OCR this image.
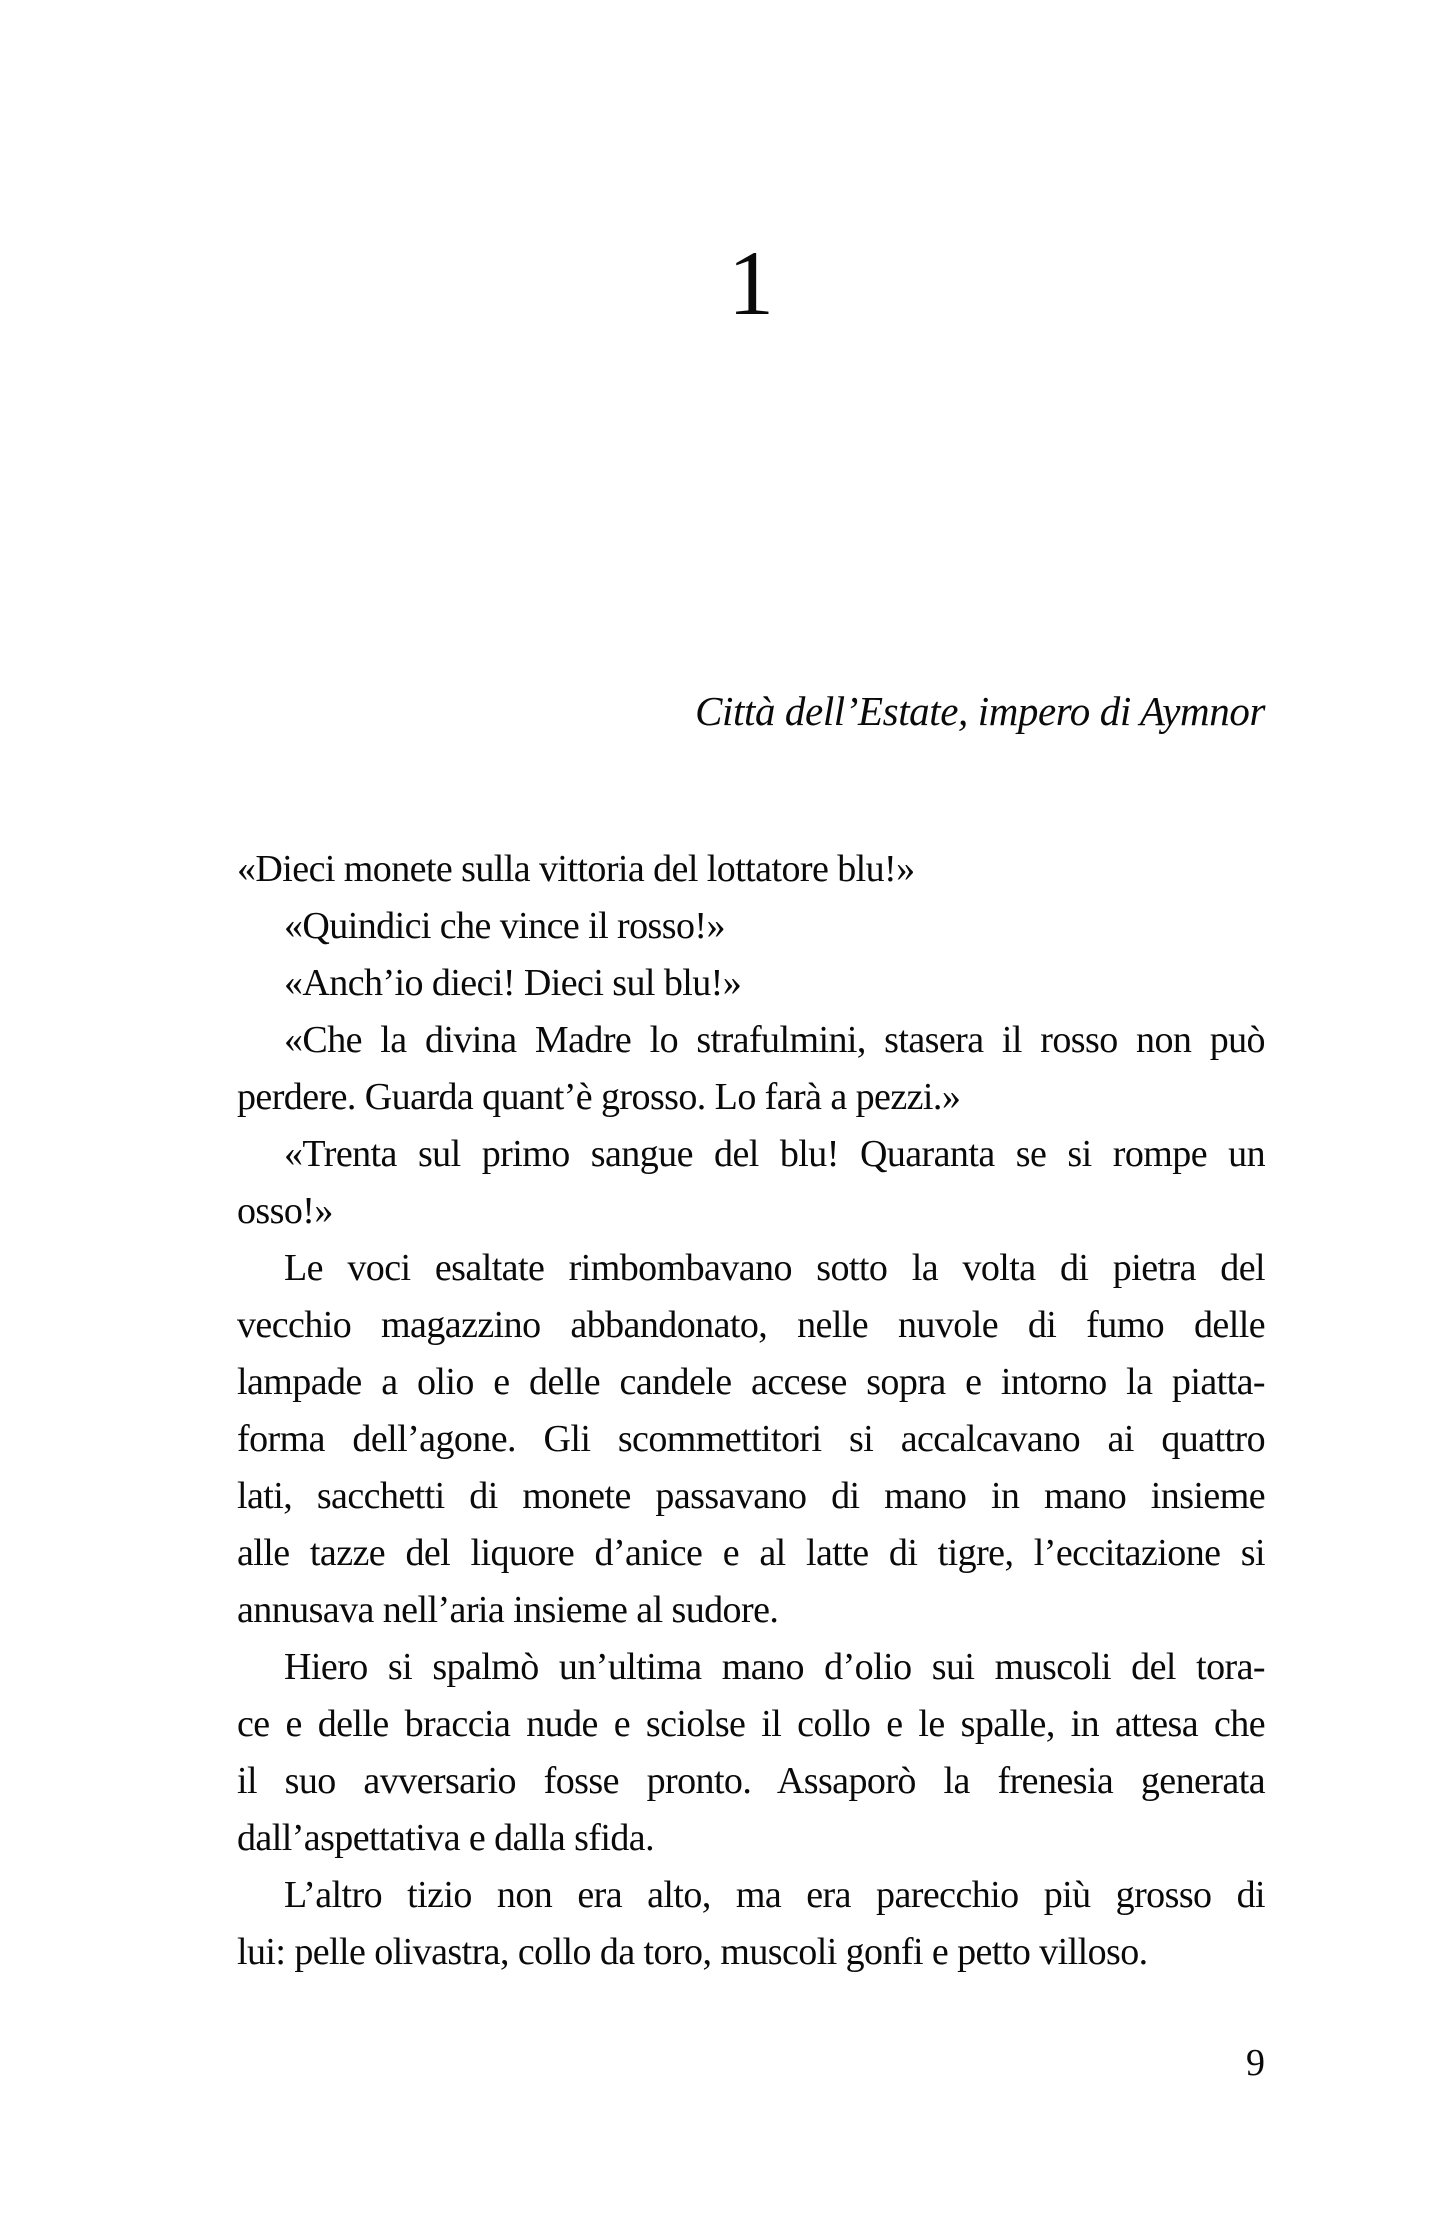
1
Città dell’Estate, impero di Aymnor
«Dieci monete sulla vittoria del lottatore blu!»
«Quindici che vince il rosso!»
«Anch’io dieci! Dieci sul blu!»
«Che la divina Madre lo strafulmini, stasera il rosso non può
perdere. Guarda quant’è grosso. Lo farà a pezzi.»
«Trenta sul primo sangue del blu! Quaranta se si rompe un
osso!»
Le voci esaltate rimbombavano sotto la volta di pietra del
vecchio magazzino abbandonato, nelle nuvole di fumo delle
lampade a olio e delle candele accese sopra e intorno la piatta-
forma dell’agone. Gli scommettitori si accalcavano ai quattro
lati, sacchetti di monete passavano di mano in mano insieme
alle tazze del liquore d’anice e al latte di tigre, l’eccitazione si
annusava nell’aria insieme al sudore.
Hiero si spalmò un’ultima mano d’olio sui muscoli del tora-
ce e delle braccia nude e sciolse il collo e le spalle, in attesa che
il suo avversario fosse pronto. Assaporò la frenesia generata
dall’aspettativa e dalla sfida.
L’altro tizio non era alto, ma era parecchio più grosso di
lui: pelle olivastra, collo da toro, muscoli gonfi e petto villoso.
9
